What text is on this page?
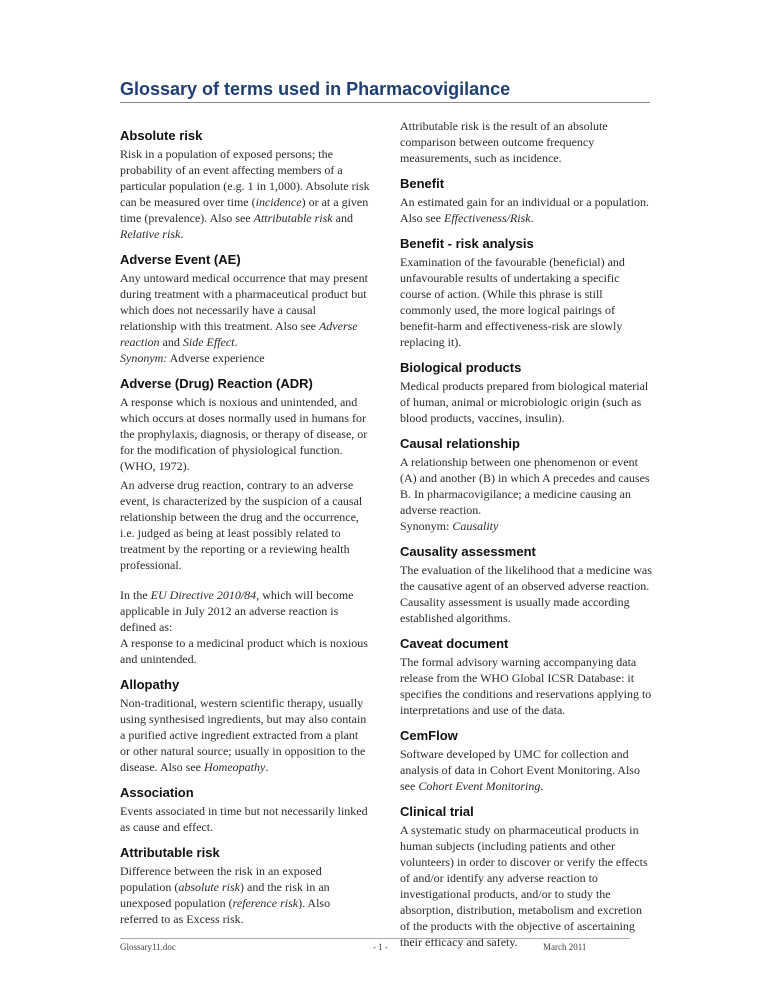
Glossary of terms used in Pharmacovigilance
Absolute risk

Risk in a population of exposed persons; the probability of an event affecting members of a particular population (e.g. 1 in 1,000). Absolute risk can be measured over time (incidence) or at a given time (prevalence). Also see Attributable risk and Relative risk.

Adverse Event (AE)

Any untoward medical occurrence that may present during treatment with a pharmaceutical product but which does not necessarily have a causal relationship with this treatment. Also see Adverse reaction and Side Effect.

Synonym: Adverse experience

Adverse (Drug) Reaction (ADR)

A response which is noxious and unintended, and which occurs at doses normally used in humans for the prophylaxis, diagnosis, or therapy of disease, or for the modification of physiological function. (WHO, 1972).

An adverse drug reaction, contrary to an adverse event, is characterized by the suspicion of a causal relationship between the drug and the occurrence, i.e. judged as being at least possibly related to treatment by the reporting or a reviewing health professional.

In the EU Directive 2010/84, which will become applicable in July 2012 an adverse reaction is defined as:

A response to a medicinal product which is noxious and unintended.

Allopathy

Non-traditional, western scientific therapy, usually using synthesised ingredients, but may also contain a purified active ingredient extracted from a plant or other natural source; usually in opposition to the disease. Also see Homeopathy.

Association

Events associated in time but not necessarily linked as cause and effect.

Attributable risk

Difference between the risk in an exposed population (absolute risk) and the risk in an unexposed population (reference risk). Also referred to as Excess risk.

Attributable risk is the result of an absolute comparison between outcome frequency measurements, such as incidence.

Benefit

An estimated gain for an individual or a population. Also see Effectiveness/Risk.

Benefit - risk analysis

Examination of the favourable (beneficial) and unfavourable results of undertaking a specific course of action. (While this phrase is still commonly used, the more logical pairings of benefit-harm and effectiveness-risk are slowly replacing it).

Biological products

Medical products prepared from biological material of human, animal or microbiologic origin (such as blood products, vaccines, insulin).

Causal relationship

A relationship between one phenomenon or event (A) and another (B) in which A precedes and causes B. In pharmacovigilance; a medicine causing an adverse reaction.

Synonym: Causality

Causality assessment

The evaluation of the likelihood that a medicine was the causative agent of an observed adverse reaction. Causality assessment is usually made according established algorithms.

Caveat document

The formal advisory warning accompanying data release from the WHO Global ICSR Database: it specifies the conditions and reservations applying to interpretations and use of the data.

CemFlow

Software developed by UMC for collection and analysis of data in Cohort Event Monitoring. Also see Cohort Event Monitoring.

Clinical trial

A systematic study on pharmaceutical products in human subjects (including patients and other volunteers) in order to discover or verify the effects of and/or identify any adverse reaction to investigational products, and/or to study the absorption, distribution, metabolism and excretion of the products with the objective of ascertaining their efficacy and safety.

Glossary11.doc	- 1 -	March 2011
